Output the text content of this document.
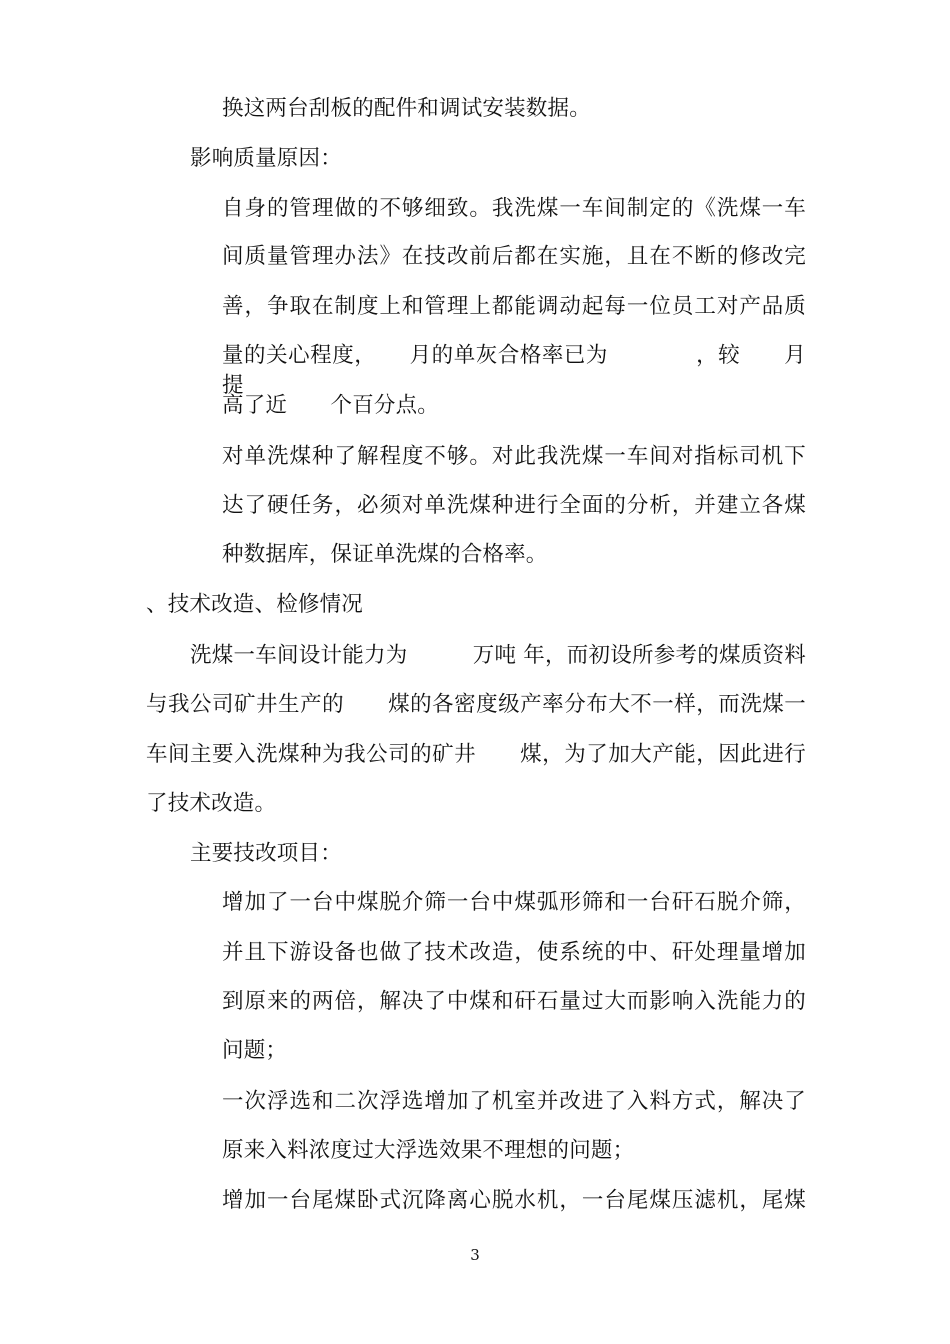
换这两台刮板的配件和调试安装数据。
影响质量原因：
自身的管理做的不够细致。我洗煤一车间制定的《洗煤一车
间质量管理办法》在技改前后都在实施，且在不断的修改完
善，争取在制度上和管理上都能调动起每一位员工对产品质
量的关心程度，　　月的单灰合格率已为　　　　，较　　月提
高了近　　个百分点。
对单洗煤种了解程度不够。对此我洗煤一车间对指标司机下
达了硬任务，必须对单洗煤种进行全面的分析，并建立各煤
种数据库，保证单洗煤的合格率。
、技术改造、检修情况
洗煤一车间设计能力为　　　万吨 年，而初设所参考的煤质资料
与我公司矿井生产的　　煤的各密度级产率分布大不一样，而洗煤一
车间主要入洗煤种为我公司的矿井　　煤，为了加大产能，因此进行
了技术改造。
主要技改项目：
增加了一台中煤脱介筛一台中煤弧形筛和一台矸石脱介筛，
并且下游设备也做了技术改造，使系统的中、矸处理量增加
到原来的两倍，解决了中煤和矸石量过大而影响入洗能力的
问题；
一次浮选和二次浮选增加了机室并改进了入料方式，解决了
原来入料浓度过大浮选效果不理想的问题；
增加一台尾煤卧式沉降离心脱水机，一台尾煤压滤机，尾煤
3
